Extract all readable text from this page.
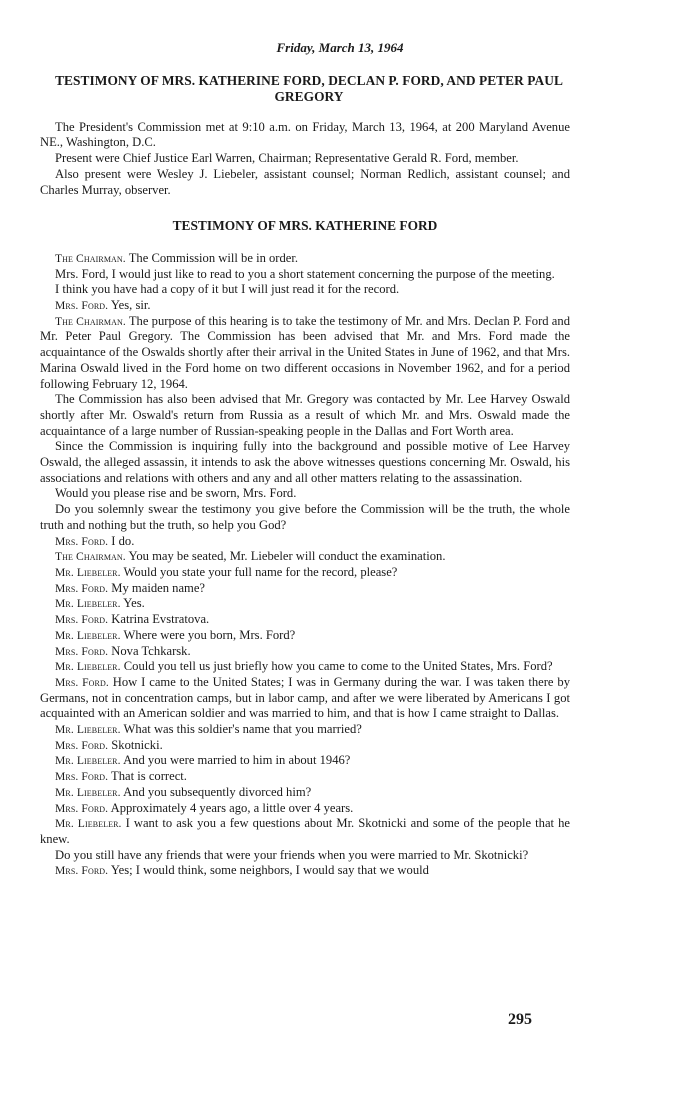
Friday, March 13, 1964
TESTIMONY OF MRS. KATHERINE FORD, DECLAN P. FORD, AND PETER PAUL GREGORY

The President's Commission met at 9:10 a.m. on Friday, March 13, 1964, at 200 Maryland Avenue NE., Washington, D.C.

Present were Chief Justice Earl Warren, Chairman; Representative Gerald R. Ford, member.

Also present were Wesley J. Liebeler, assistant counsel; Norman Redlich, assistant counsel; and Charles Murray, observer.

TESTIMONY OF MRS. KATHERINE FORD

The Chairman. The Commission will be in order.

Mrs. Ford, I would just like to read to you a short statement concerning the purpose of the meeting.

I think you have had a copy of it but I will just read it for the record.

Mrs. Ford. Yes, sir.

The Chairman. The purpose of this hearing is to take the testimony of Mr. and Mrs. Declan P. Ford and Mr. Peter Paul Gregory. The Commission has been advised that Mr. and Mrs. Ford made the acquaintance of the Oswalds shortly after their arrival in the United States in June of 1962, and that Mrs. Marina Oswald lived in the Ford home on two different occasions in November 1962, and for a period following February 12, 1964.

The Commission has also been advised that Mr. Gregory was contacted by Mr. Lee Harvey Oswald shortly after Mr. Oswald's return from Russia as a result of which Mr. and Mrs. Oswald made the acquaintance of a large number of Russian-speaking people in the Dallas and Fort Worth area.

Since the Commission is inquiring fully into the background and possible motive of Lee Harvey Oswald, the alleged assassin, it intends to ask the above witnesses questions concerning Mr. Oswald, his associations and relations with others and any and all other matters relating to the assassination.

Would you please rise and be sworn, Mrs. Ford.

Do you solemnly swear the testimony you give before the Commission will be the truth, the whole truth and nothing but the truth, so help you God?

Mrs. Ford. I do.

The Chairman. You may be seated, Mr. Liebeler will conduct the examination.

Mr. Liebeler. Would you state your full name for the record, please?

Mrs. Ford. My maiden name?

Mr. Liebeler. Yes.

Mrs. Ford. Katrina Evstratova.

Mr. Liebeler. Where were you born, Mrs. Ford?

Mrs. Ford. Nova Tchkarsk.

Mr. Liebeler. Could you tell us just briefly how you came to come to the United States, Mrs. Ford?

Mrs. Ford. How I came to the United States; I was in Germany during the war. I was taken there by Germans, not in concentration camps, but in labor camp, and after we were liberated by Americans I got acquainted with an American soldier and was married to him, and that is how I came straight to Dallas.

Mr. Liebeler. What was this soldier's name that you married?

Mrs. Ford. Skotnicki.

Mr. Liebeler. And you were married to him in about 1946?

Mrs. Ford. That is correct.

Mr. Liebeler. And you subsequently divorced him?

Mrs. Ford. Approximately 4 years ago, a little over 4 years.

Mr. Liebeler. I want to ask you a few questions about Mr. Skotnicki and some of the people that he knew.

Do you still have any friends that were your friends when you were married to Mr. Skotnicki?

Mrs. Ford. Yes; I would think, some neighbors, I would say that we would

295
